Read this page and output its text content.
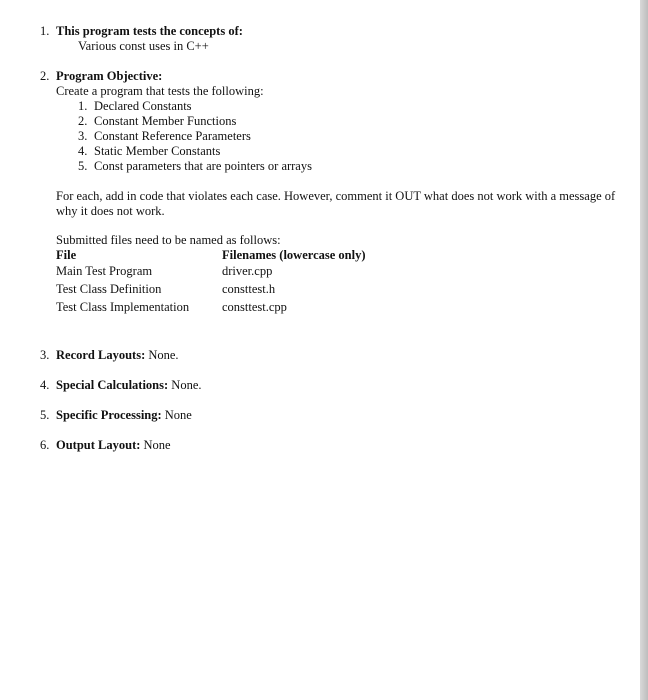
1. This program tests the concepts of:
Various const uses in C++
2. Program Objective:
Create a program that tests the following:
1. Declared Constants
2. Constant Member Functions
3. Constant Reference Parameters
4. Static Member Constants
5. Const parameters that are pointers or arrays
For each, add in code that violates each case. However, comment it OUT what does not work with a message of why it does not work.
Submitted files need to be named as follows:
File	Filenames (lowercase only)
Main Test Program	driver.cpp
Test Class Definition	consttest.h
Test Class Implementation	consttest.cpp
3. Record Layouts: None.
4. Special Calculations: None.
5. Specific Processing: None
6. Output Layout: None
